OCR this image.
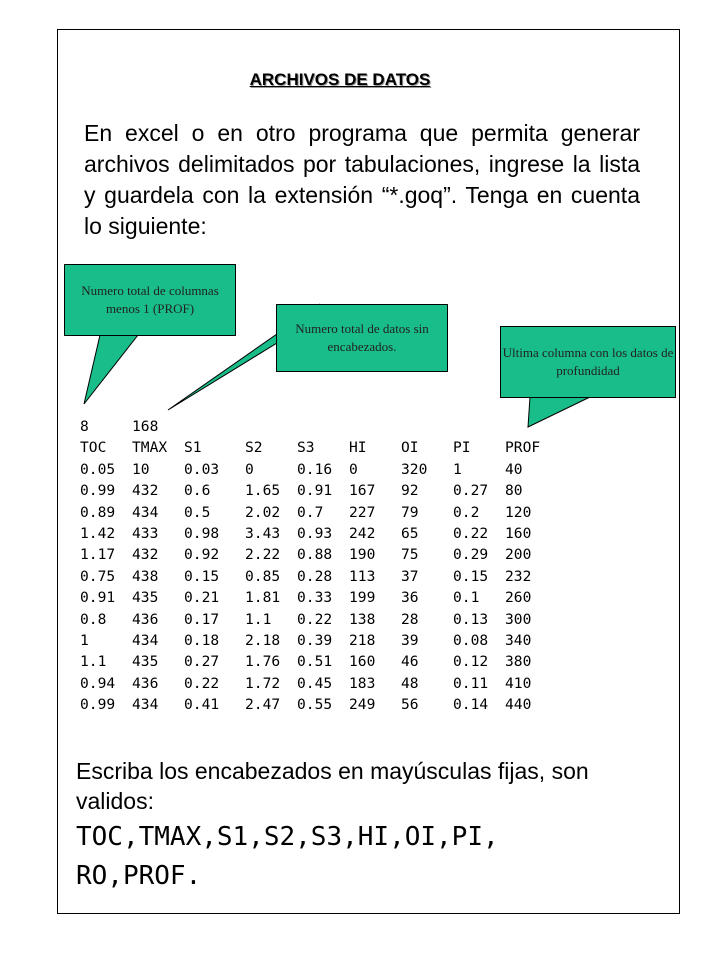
ARCHIVOS DE DATOS
En excel o en otro programa que permita generar archivos delimitados por tabulaciones, ingrese la lista y guardela con la extensión “*.goq”. Tenga en cuenta lo siguiente:
Numero total de columnas menos 1 (PROF)
Numero total de datos sin encabezados.	Ultima columna con los datos de profundidad
8	168
TOC	TMAX	S1	S2	S3	HI	OI	PI	PROF
0.05	10	0.03	0	0.16	0	320	1	40
0.99	432	0.6	1.65	0.91	167	92	0.27	80
0.89	434	0.5	2.02	0.7	227	79	0.2	120
1.42	433	0.98	3.43	0.93	242	65	0.22	160
1.17	432	0.92	2.22	0.88	190	75	0.29	200
0.75	438	0.15	0.85	0.28	113	37	0.15	232
0.91	435	0.21	1.81	0.33	199	36	0.1	260
0.8	436	0.17	1.1	0.22	138	28	0.13	300
1	434	0.18	2.18	0.39	218	39	0.08	340
1.1	435	0.27	1.76	0.51	160	46	0.12	380
0.94	436	0.22	1.72	0.45	183	48	0.11	410
0.99	434	0.41	2.47	0.55	249	56	0.14	440
Escriba los encabezados en mayúsculas fijas, son validos:
TOC,TMAX,S1,S2,S3,HI,OI,PI,
RO,PROF.
